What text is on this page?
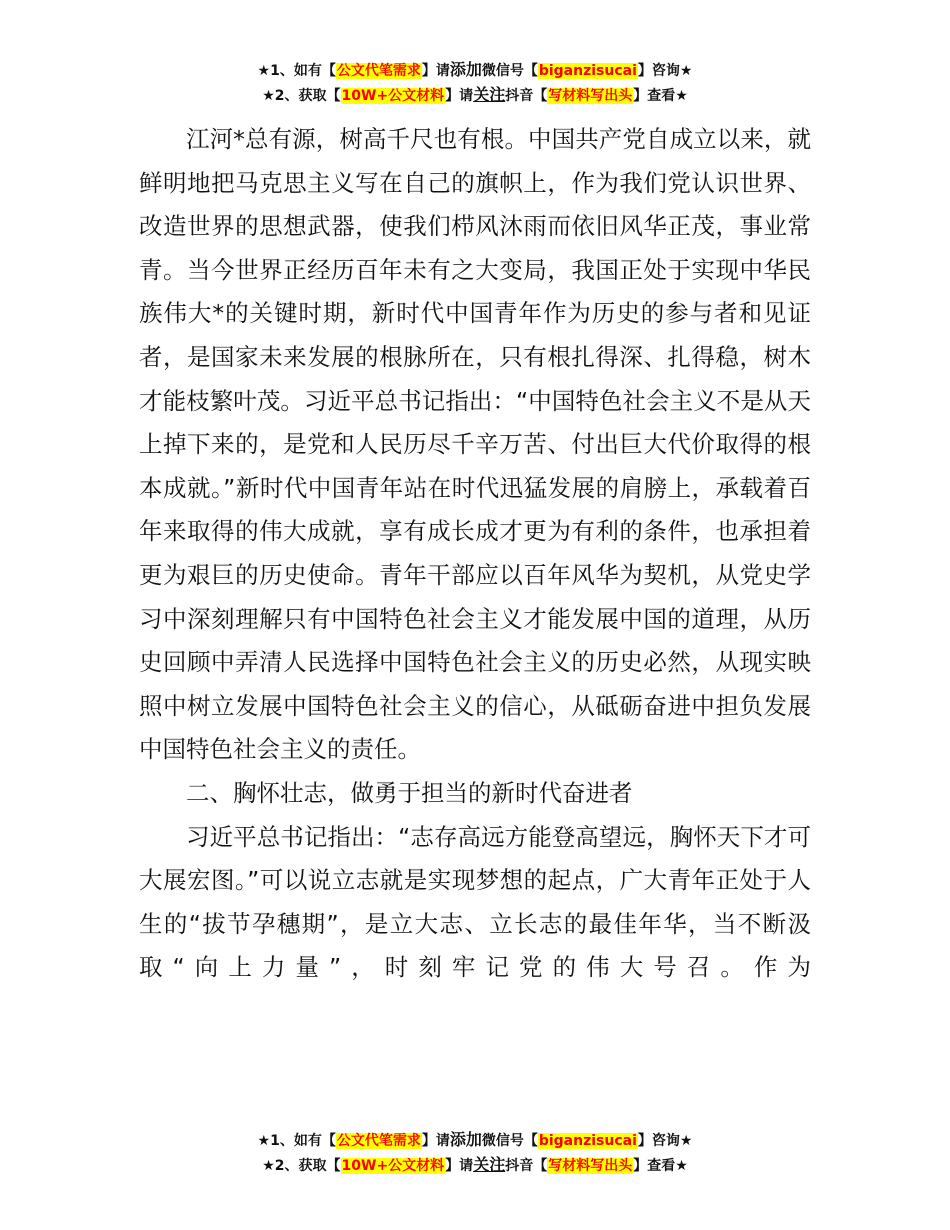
★1、如有【公文代笔需求】请添加微信号【biganzisucai】咨询★
★2、获取【10W+公文材料】请关注抖音【写材料写出头】查看★

江河*总有源，树高千尺也有根。中国共产党自成立以来，就鲜明地把马克思主义写在自己的旗帜上，作为我们党认识世界、改造世界的思想武器，使我们栉风沐雨而依旧风华正茂，事业常青。当今世界正经历百年未有之大变局，我国正处于实现中华民族伟大*的关键时期，新时代中国青年作为历史的参与者和见证者，是国家未来发展的根脉所在，只有根扎得深、扎得稳，树木才能枝繁叶茂。习近平总书记指出：“中国特色社会主义不是从天上掉下来的，是党和人民历尽千辛万苦、付出巨大代价取得的根本成就。”新时代中国青年站在时代迅猛发展的肩膀上，承载着百年来取得的伟大成就，享有成长成才更为有利的条件，也承担着更为艰巨的历史使命。青年干部应以百年风华为契机，从党史学习中深刻理解只有中国特色社会主义才能发展中国的道理，从历史回顾中弄清人民选择中国特色社会主义的历史必然，从现实映照中树立发展中国特色社会主义的信心，从砥砺奋进中担负发展中国特色社会主义的责任。

二、胸怀壮志，做勇于担当的新时代奋进者

习近平总书记指出：“志存高远方能登高望远，胸怀天下才可大展宏图。”可以说立志就是实现梦想的起点，广大青年正处于人生的“拔节孕穗期”，是立大志、立长志的最佳年华，当不断汲取“向上力量”，时刻牢记党的伟大号召。作为

★1、如有【公文代笔需求】请添加微信号【biganzisucai】咨询★
★2、获取【10W+公文材料】请关注抖音【写材料写出头】查看★
